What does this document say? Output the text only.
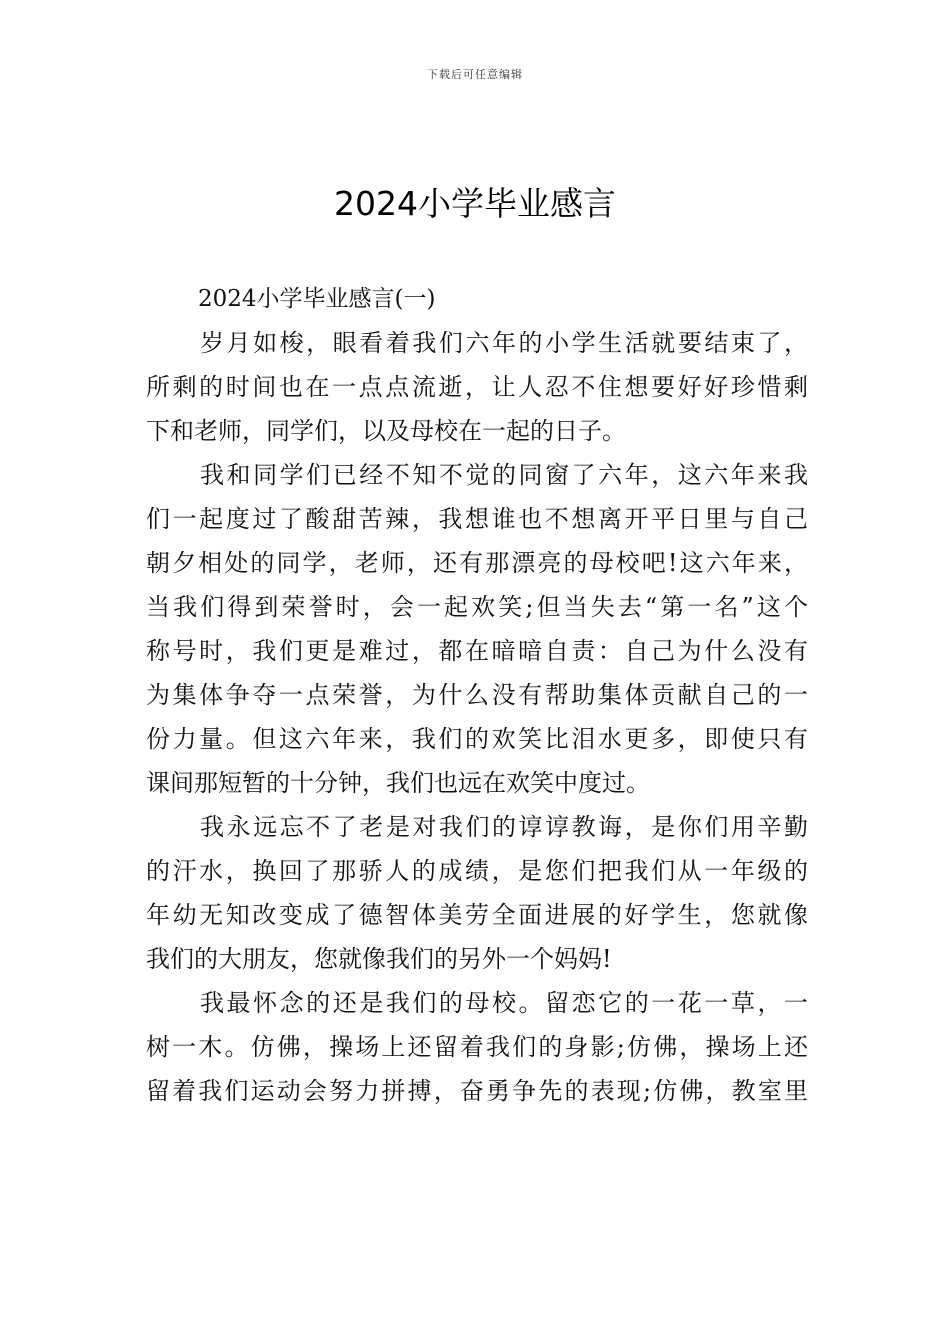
下载后可任意编辑
2024小学毕业感言
2024小学毕业感言(一)
岁月如梭，眼看着我们六年的小学生活就要结束了，
所剩的时间也在一点点流逝，让人忍不住想要好好珍惜剩
下和老师，同学们，以及母校在一起的日子。
我和同学们已经不知不觉的同窗了六年，这六年来我
们一起度过了酸甜苦辣，我想谁也不想离开平日里与自己
朝夕相处的同学，老师，还有那漂亮的母校吧!这六年来，
当我们得到荣誉时，会一起欢笑;但当失去“第一名”这个
称号时，我们更是难过，都在暗暗自责：自己为什么没有
为集体争夺一点荣誉，为什么没有帮助集体贡献自己的一
份力量。但这六年来，我们的欢笑比泪水更多，即使只有
课间那短暂的十分钟，我们也远在欢笑中度过。
我永远忘不了老是对我们的谆谆教诲，是你们用辛勤
的汗水，换回了那骄人的成绩，是您们把我们从一年级的
年幼无知改变成了德智体美劳全面进展的好学生，您就像
我们的大朋友，您就像我们的另外一个妈妈!
我最怀念的还是我们的母校。留恋它的一花一草，一
树一木。仿佛，操场上还留着我们的身影;仿佛，操场上还
留着我们运动会努力拼搏，奋勇争先的表现;仿佛，教室里
